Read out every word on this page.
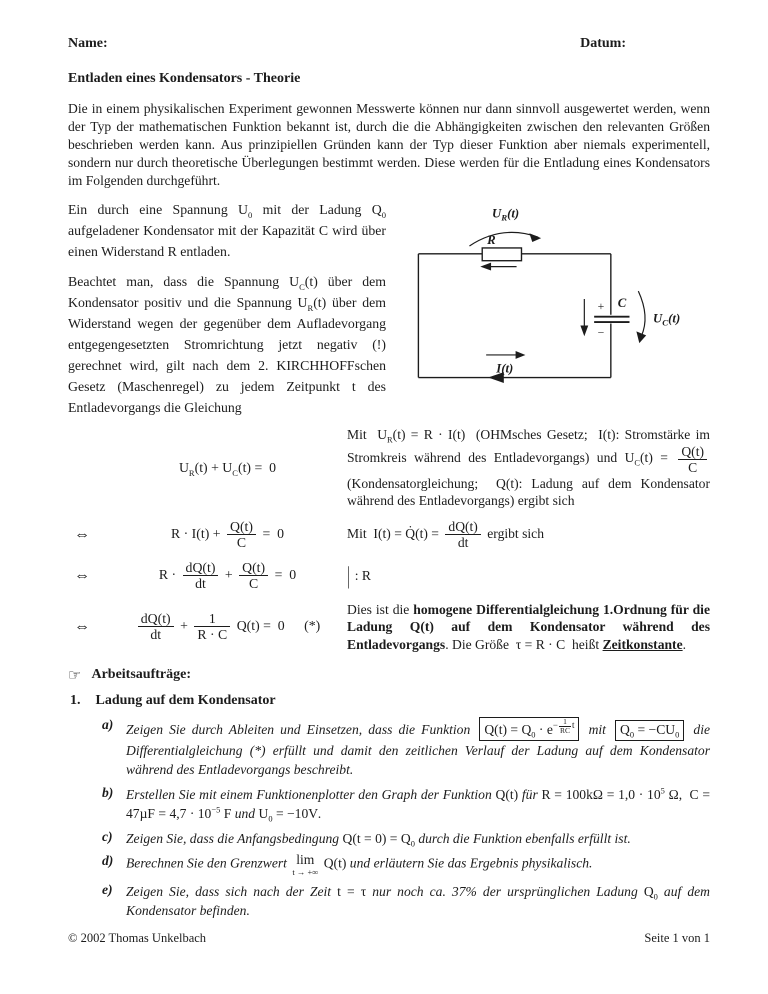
Name:	Datum:
Entladen eines Kondensators - Theorie

Die in einem physikalischen Experiment gewonnen Messwerte können nur dann sinnvoll ausgewertet werden, wenn der Typ der mathematischen Funktion bekannt ist, durch die die Abhängigkeiten zwischen den relevanten Größen beschrieben werden kann. Aus prinzipiellen Gründen kann der Typ dieser Funktion aber niemals experimentell, sondern nur durch theoretische Überlegungen bestimmt werden. Diese werden für die Entladung eines Kondensators im Folgenden durchgeführt.

Ein durch eine Spannung $U_0$ mit der Ladung $Q_0$ aufgeladener Kondensator mit der Kapazität C wird über einen Widerstand R entladen.

Beachtet man, dass die Spannung $U_C(t)$ über dem Kondensator positiv und die Spannung $U_R(t)$ über dem Widerstand wegen der gegenüber dem Aufladevorgang entgegengesetzten Stromrichtung jetzt negativ (!) gerechnet wird, gilt nach dem 2. KIRCHHOFFschen Gesetz (Maschenregel) zu jedem Zeitpunkt t des Entladevorgangs die Gleichung

R
$U_R(t)$
C
$U_C(t)$
I(t)
+
−
$U_R(t) + U_C(t) = 0$
Mit  $U_R(t) = R \cdot I(t)$  (OHMsches Gesetz;  I(t): Stromstärke im Stromkreis während des Entladevorgangs) und $U_C(t) = \frac{Q(t)}{C}$
(Kondensatorgleichung;  Q(t): Ladung auf dem Kondensator während des Entladevorgangs) ergibt sich
⇔	$R \cdot I(t) + \frac{Q(t)}{C} = 0$	Mit  I(t) = Q̇(t) = $\frac{dQ(t)}{dt}$ ergibt sich
⇔	$R \cdot \frac{dQ(t)}{dt} + \frac{Q(t)}{C} = 0$	| : R
⇔	$\frac{dQ(t)}{dt} + \frac{1}{R \cdot C} Q(t) = 0$ (*)
Dies ist die homogene Differentialgleichung 1.Ordnung für die Ladung Q(t) auf dem Kondensator während des Entladevorgangs. Die Größe  τ = R · C  heißt Zeitkonstante.
☞ Arbeitsaufträge:
1. Ladung auf dem Kondensator
a) Zeigen Sie durch Ableiten und Einsetzen, dass die Funktion $Q(t) = Q_0 \cdot e- \frac{1}{RC}$ t mit $Q_0 = -CU_0$ die Differentialgleichung (*) erfüllt und damit den zeitlichen Verlauf der Ladung auf dem Kondensator während des Entladevorgangs beschreibt.
b) Erstellen Sie mit einem Funktionenplotter den Graph der Funktion Q(t) für $R = 100k\Omega = 1,0 \cdot 10^5$ Ω,  $C = 47\mu F = 4,7 \cdot 10^{-5}$ F und $U_0 = -10V$.
c) Zeigen Sie, dass die Anfangsbedingung $Q(t = 0) = Q_0$ durch die Funktion ebenfalls erfüllt ist.
d) Berechnen Sie den Grenzwert lim
t → +∞
Q(t) und erläutern Sie das Ergebnis physikalisch.
e) Zeigen Sie, dass sich nach der Zeit t = τ nur noch ca. 37% der ursprünglichen Ladung $Q_0$ auf dem Kondensator befinden.
© 2002 Thomas Unkelbach	Seite 1 von 1
